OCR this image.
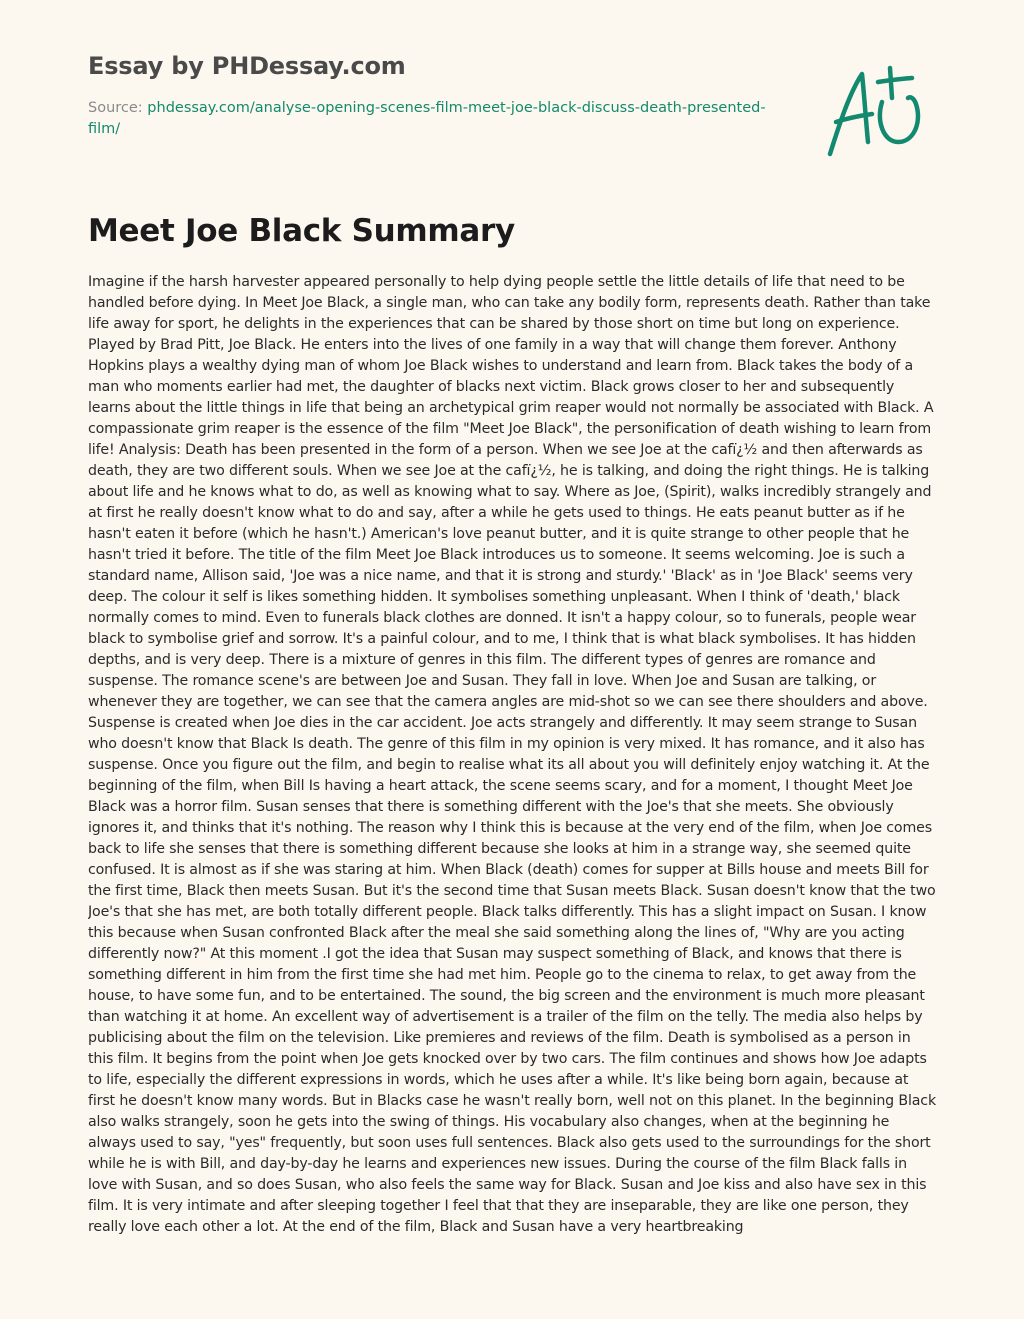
Essay by PHDessay.com
Source: phdessay.com/analyse-opening-scenes-film-meet-joe-black-discuss-death-presented-film/
Meet Joe Black Summary

Imagine if the harsh harvester appeared personally to help dying people settle the little details of life that need to be handled before dying. In Meet Joe Black, a single man, who can take any bodily form, represents death. Rather than take life away for sport, he delights in the experiences that can be shared by those short on time but long on experience. Played by Brad Pitt, Joe Black. He enters into the lives of one family in a way that will change them forever. Anthony Hopkins plays a wealthy dying man of whom Joe Black wishes to understand and learn from. Black takes the body of a man who moments earlier had met, the daughter of blacks next victim. Black grows closer to her and subsequently learns about the little things in life that being an archetypical grim reaper would not normally be associated with Black. A compassionate grim reaper is the essence of the film "Meet Joe Black", the personification of death wishing to learn from life! Analysis: Death has been presented in the form of a person. When we see Joe at the cafï¿½ and then afterwards as death, they are two different souls. When we see Joe at the cafï¿½, he is talking, and doing the right things. He is talking about life and he knows what to do, as well as knowing what to say. Where as Joe, (Spirit), walks incredibly strangely and at first he really doesn't know what to do and say, after a while he gets used to things. He eats peanut butter as if he hasn't eaten it before (which he hasn't.) American's love peanut butter, and it is quite strange to other people that he hasn't tried it before. The title of the film Meet Joe Black introduces us to someone. It seems welcoming. Joe is such a standard name, Allison said, 'Joe was a nice name, and that it is strong and sturdy.' 'Black' as in 'Joe Black' seems very deep. The colour it self is likes something hidden. It symbolises something unpleasant. When I think of 'death,' black normally comes to mind. Even to funerals black clothes are donned. It isn't a happy colour, so to funerals, people wear black to symbolise grief and sorrow. It's a painful colour, and to me, I think that is what black symbolises. It has hidden depths, and is very deep. There is a mixture of genres in this film. The different types of genres are romance and suspense. The romance scene's are between Joe and Susan. They fall in love. When Joe and Susan are talking, or whenever they are together, we can see that the camera angles are mid-shot so we can see there shoulders and above. Suspense is created when Joe dies in the car accident. Joe acts strangely and differently. It may seem strange to Susan who doesn't know that Black Is death. The genre of this film in my opinion is very mixed. It has romance, and it also has suspense. Once you figure out the film, and begin to realise what its all about you will definitely enjoy watching it. At the beginning of the film, when Bill Is having a heart attack, the scene seems scary, and for a moment, I thought Meet Joe Black was a horror film. Susan senses that there is something different with the Joe's that she meets. She obviously ignores it, and thinks that it's nothing. The reason why I think this is because at the very end of the film, when Joe comes back to life she senses that there is something different because she looks at him in a strange way, she seemed quite confused. It is almost as if she was staring at him. When Black (death) comes for supper at Bills house and meets Bill for the first time, Black then meets Susan. But it's the second time that Susan meets Black. Susan doesn't know that the two Joe's that she has met, are both totally different people. Black talks differently. This has a slight impact on Susan. I know this because when Susan confronted Black after the meal she said something along the lines of, "Why are you acting differently now?" At this moment .I got the idea that Susan may suspect something of Black, and knows that there is something different in him from the first time she had met him. People go to the cinema to relax, to get away from the house, to have some fun, and to be entertained. The sound, the big screen and the environment is much more pleasant than watching it at home. An excellent way of advertisement is a trailer of the film on the telly. The media also helps by publicising about the film on the television. Like premieres and reviews of the film. Death is symbolised as a person in this film. It begins from the point when Joe gets knocked over by two cars. The film continues and shows how Joe adapts to life, especially the different expressions in words, which he uses after a while. It's like being born again, because at first he doesn't know many words. But in Blacks case he wasn't really born, well not on this planet. In the beginning Black also walks strangely, soon he gets into the swing of things. His vocabulary also changes, when at the beginning he always used to say, "yes" frequently, but soon uses full sentences. Black also gets used to the surroundings for the short while he is with Bill, and day-by-day he learns and experiences new issues. During the course of the film Black falls in love with Susan, and so does Susan, who also feels the same way for Black. Susan and Joe kiss and also have sex in this film. It is very intimate and after sleeping together I feel that that they are inseparable, they are like one person, they really love each other a lot. At the end of the film, Black and Susan have a very heartbreaking
